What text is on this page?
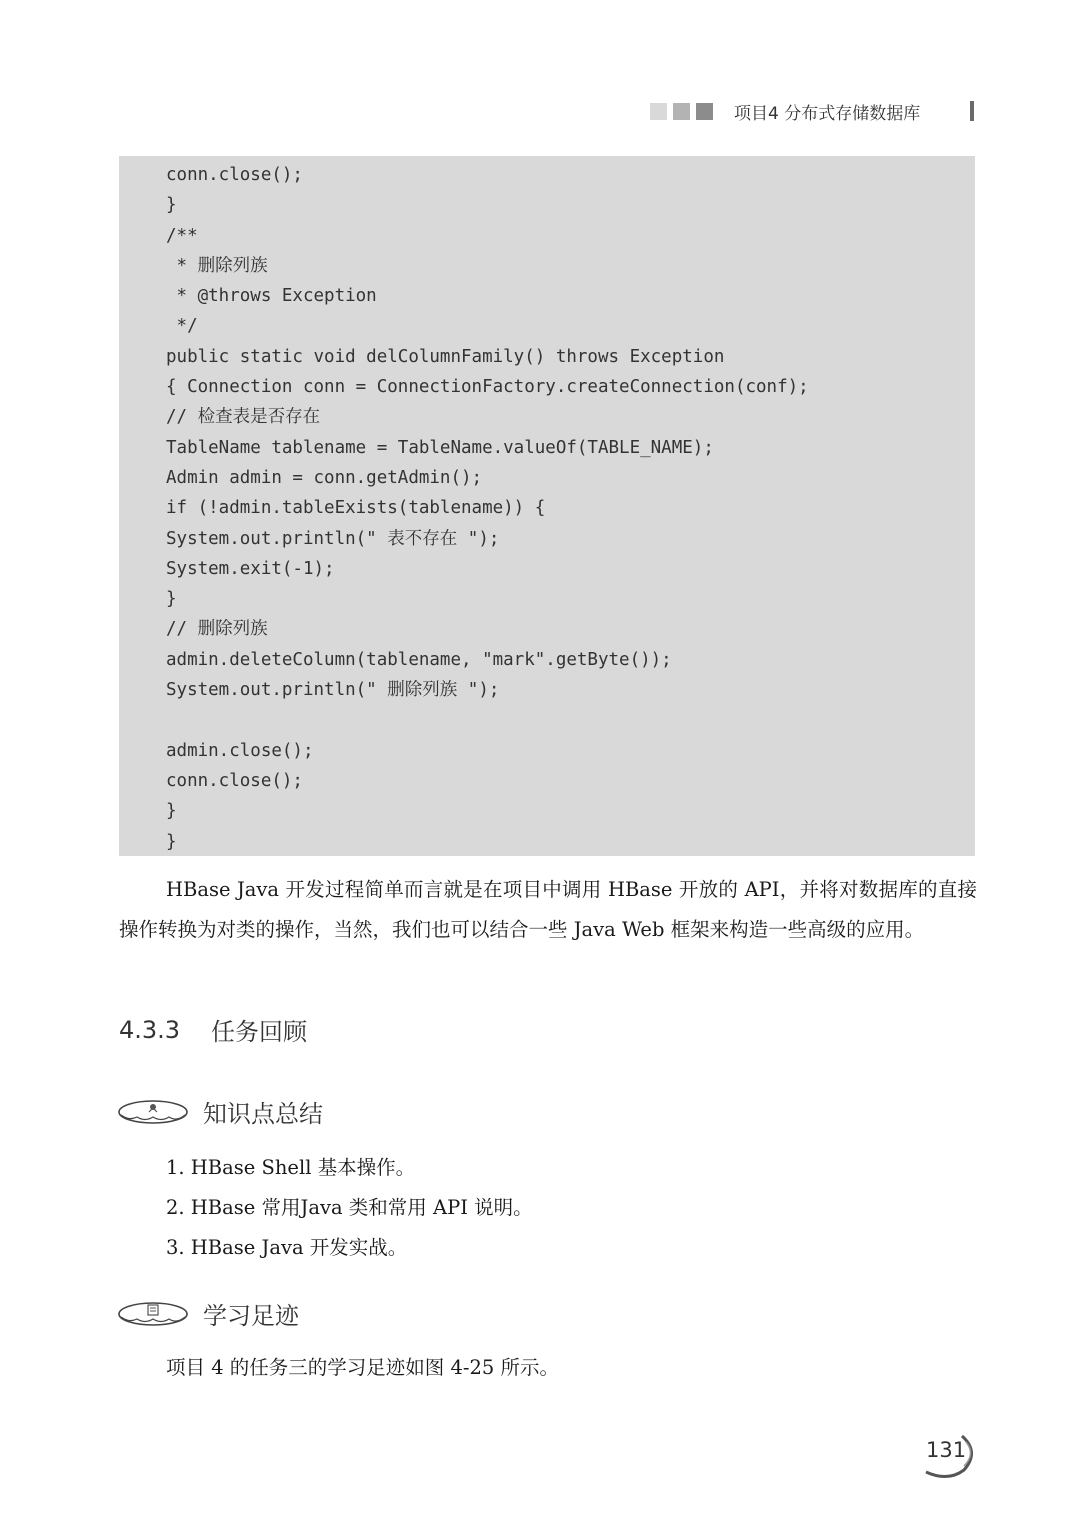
项目4 分布式存储数据库
conn.close();
}
/**
* 删除列族
* @throws Exception
*/
public static void delColumnFamily() throws Exception
{ Connection conn = ConnectionFactory.createConnection(conf);
// 检查表是否存在
TableName tablename = TableName.valueOf(TABLE_NAME);
Admin admin = conn.getAdmin();
if (!admin.tableExists(tablename)) {
System.out.println(" 表不存在 ");
System.exit(-1);
}
// 删除列族
admin.deleteColumn(tablename, "mark".getByte());
System.out.println(" 删除列族 ");
admin.close();
conn.close();
}
}

HBase Java 开发过程简单而言就是在项目中调用 HBase 开放的 API，并将对数据库的直接操作转换为对类的操作，当然，我们也可以结合一些 Java Web 框架来构造一些高级的应用。

4.3.3	任务回顾
知识点总结
1. HBase Shell 基本操作。
2. HBase 常用Java 类和常用 API 说明。
3. HBase Java 开发实战。
学习足迹

项目 4 的任务三的学习足迹如图 4-25 所示。

131
